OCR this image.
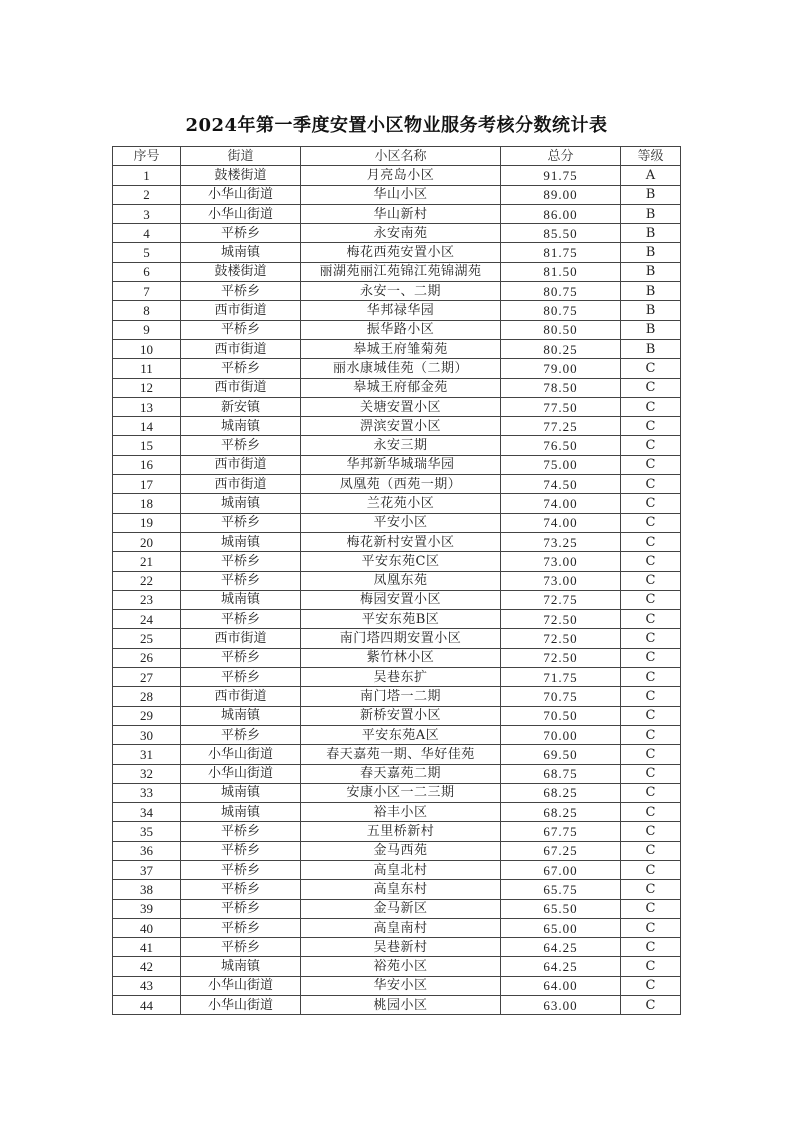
2024年第一季度安置小区物业服务考核分数统计表
序号	街道	小区名称	总分	等级
1	鼓楼街道	月亮岛小区	91.75	A
2	小华山街道	华山小区	89.00	B
3	小华山街道	华山新村	86.00	B
4	平桥乡	永安南苑	85.50	B
5	城南镇	梅花西苑安置小区	81.75	B
6	鼓楼街道	丽湖苑丽江苑锦江苑锦湖苑	81.50	B
7	平桥乡	永安一、二期	80.75	B
8	西市街道	华邦禄华园	80.75	B
9	平桥乡	振华路小区	80.50	B
10	西市街道	皋城王府雏菊苑	80.25	B
11	平桥乡	丽水康城佳苑（二期）	79.00	C
12	西市街道	皋城王府郁金苑	78.50	C
13	新安镇	关塘安置小区	77.50	C
14	城南镇	淠滨安置小区	77.25	C
15	平桥乡	永安三期	76.50	C
16	西市街道	华邦新华城瑞华园	75.00	C
17	西市街道	凤凰苑（西苑一期）	74.50	C
18	城南镇	兰花苑小区	74.00	C
19	平桥乡	平安小区	74.00	C
20	城南镇	梅花新村安置小区	73.25	C
21	平桥乡	平安东苑C区	73.00	C
22	平桥乡	凤凰东苑	73.00	C
23	城南镇	梅园安置小区	72.75	C
24	平桥乡	平安东苑B区	72.50	C
25	西市街道	南门塔四期安置小区	72.50	C
26	平桥乡	紫竹林小区	72.50	C
27	平桥乡	吴巷东扩	71.75	C
28	西市街道	南门塔一二期	70.75	C
29	城南镇	新桥安置小区	70.50	C
30	平桥乡	平安东苑A区	70.00	C
31	小华山街道	春天嘉苑一期、华好佳苑	69.50	C
32	小华山街道	春天嘉苑二期	68.75	C
33	城南镇	安康小区一二三期	68.25	C
34	城南镇	裕丰小区	68.25	C
35	平桥乡	五里桥新村	67.75	C
36	平桥乡	金马西苑	67.25	C
37	平桥乡	高皇北村	67.00	C
38	平桥乡	高皇东村	65.75	C
39	平桥乡	金马新区	65.50	C
40	平桥乡	高皇南村	65.00	C
41	平桥乡	吴巷新村	64.25	C
42	城南镇	裕苑小区	64.25	C
43	小华山街道	华安小区	64.00	C
44	小华山街道	桃园小区	63.00	C
